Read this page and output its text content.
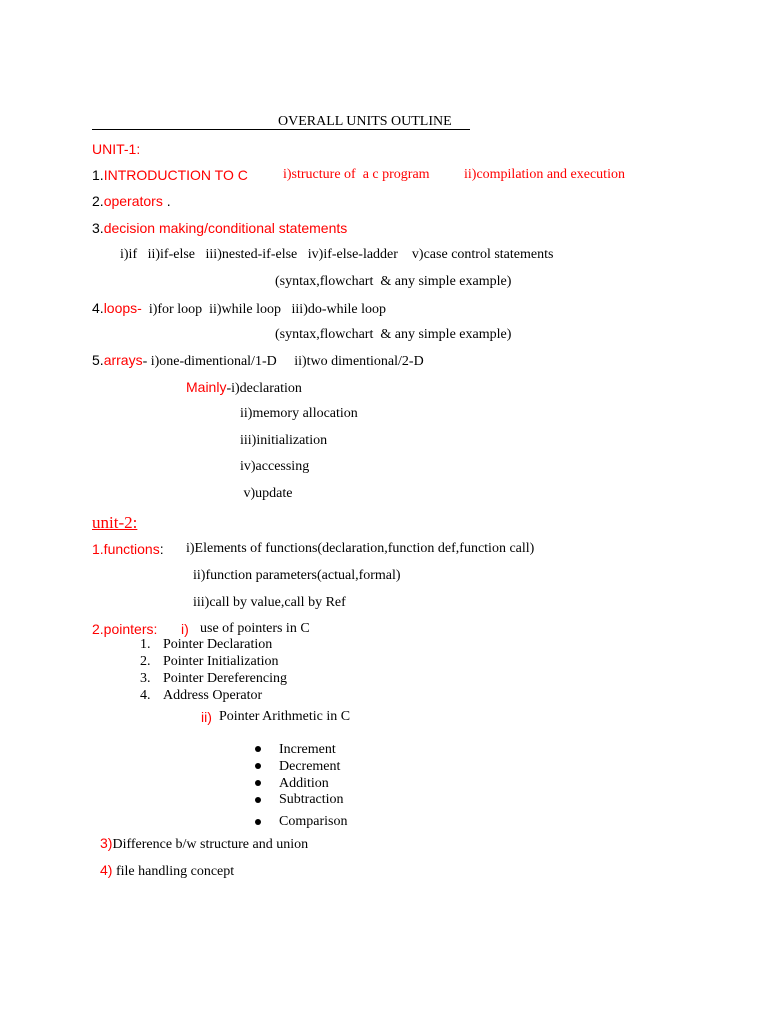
OVERALL UNITS OUTLINE
UNIT-1:
1.INTRODUCTION TO C	i)structure of  a c program ii)compilation and execution
2.operators .
3.decision making/conditional statements
i)if   ii)if-else   iii)nested-if-else   iv)if-else-ladder    v)case control statements
(syntax,flowchart  & any simple example)
4.loops-  i)for loop  ii)while loop   iii)do-while loop
(syntax,flowchart  & any simple example)
5.arrays- i)one-dimentional/1-D     ii)two dimentional/2-D
Mainly-i)declaration
ii)memory allocation
iii)initialization
iv)accessing
v)update
unit-2:
1.functions: i)Elements of functions(declaration,function def,function call)
ii)function parameters(actual,formal)
iii)call by value,call by Ref
2.pointers: i) use of pointers in C
1. Pointer Declaration
2. Pointer Initialization
3. Pointer Dereferencing
4. Address Operator
ii) Pointer Arithmetic in C
Increment
Decrement
Addition
Subtraction
Comparison
3)Difference b/w structure and union
4) file handling concept
